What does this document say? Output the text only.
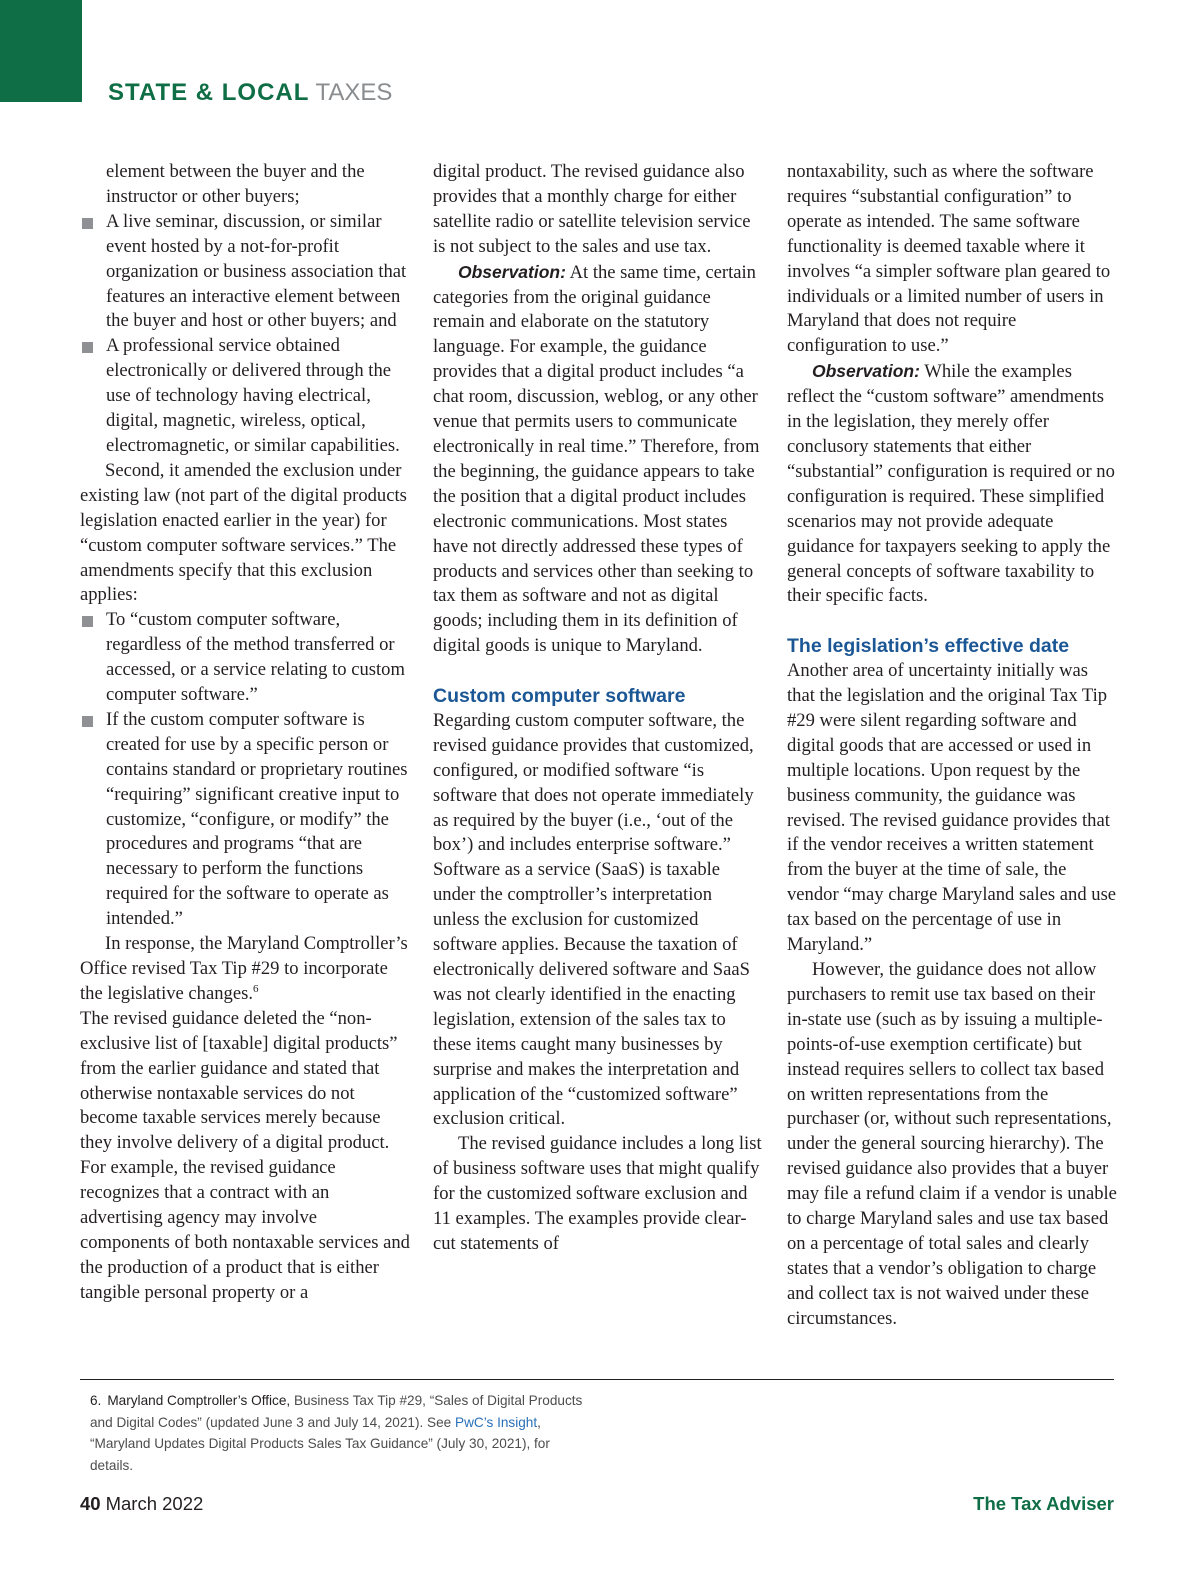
STATE & LOCAL TAXES

element between the buyer and the instructor or other buyers;

A live seminar, discussion, or similar event hosted by a not-for-profit organization or business association that features an interactive element between the buyer and host or other buyers; and

A professional service obtained electronically or delivered through the use of technology having electrical, digital, magnetic, wireless, optical, electromagnetic, or similar capabilities.

Second, it amended the exclusion under existing law (not part of the digital products legislation enacted earlier in the year) for “custom computer software services.” The amendments specify that this exclusion applies:

To “custom computer software, regardless of the method transferred or accessed, or a service relating to custom computer software.”

If the custom computer software is created for use by a specific person or contains standard or proprietary routines “requiring” significant creative input to customize, “configure, or modify” the procedures and programs “that are necessary to perform the functions required for the software to operate as intended.”

In response, the Maryland Comptroller’s Office revised Tax Tip #29 to incorporate the legislative changes.$^6$

The revised guidance deleted the “non-exclusive list of [taxable] digital products” from the earlier guidance and stated that otherwise nontaxable services do not become taxable services merely because they involve delivery of a digital product. For example, the revised guidance recognizes that a contract with an advertising agency may involve components of both nontaxable services and the production of a product that is either tangible personal property or a

digital product. The revised guidance also provides that a monthly charge for either satellite radio or satellite television service is not subject to the sales and use tax.

Observation: At the same time, certain categories from the original guidance remain and elaborate on the statutory language. For example, the guidance provides that a digital product includes “a chat room, discussion, weblog, or any other venue that permits users to communicate electronically in real time.” Therefore, from the beginning, the guidance appears to take the position that a digital product includes electronic communications. Most states have not directly addressed these types of products and services other than seeking to tax them as software and not as digital goods; including them in its definition of digital goods is unique to Maryland.

Custom computer software

Regarding custom computer software, the revised guidance provides that customized, configured, or modified software “is software that does not operate immediately as required by the buyer (i.e., ‘out of the box’) and includes enterprise software.” Software as a service (SaaS) is taxable under the comptroller’s interpretation unless the exclusion for customized software applies. Because the taxation of electronically delivered software and SaaS was not clearly identified in the enacting legislation, extension of the sales tax to these items caught many businesses by surprise and makes the interpretation and application of the “customized software” exclusion critical.

The revised guidance includes a long list of business software uses that might qualify for the customized software exclusion and 11 examples. The examples provide clear-cut statements of

nontaxability, such as where the software requires “substantial configuration” to operate as intended. The same software functionality is deemed taxable where it involves “a simpler software plan geared to individuals or a limited number of users in Maryland that does not require configuration to use.”

Observation: While the examples reflect the “custom software” amendments in the legislation, they merely offer conclusory statements that either “substantial” configuration is required or no configuration is required. These simplified scenarios may not provide adequate guidance for taxpayers seeking to apply the general concepts of software taxability to their specific facts.

The legislation’s effective date

Another area of uncertainty initially was that the legislation and the original Tax Tip #29 were silent regarding software and digital goods that are accessed or used in multiple locations. Upon request by the business community, the guidance was revised. The revised guidance provides that if the vendor receives a written statement from the buyer at the time of sale, the vendor “may charge Maryland sales and use tax based on the percentage of use in Maryland.”

However, the guidance does not allow purchasers to remit use tax based on their in-state use (such as by issuing a multiple-points-of-use exemption certificate) but instead requires sellers to collect tax based on written representations from the purchaser (or, without such representations, under the general sourcing hierarchy). The revised guidance also provides that a buyer may file a refund claim if a vendor is unable to charge Maryland sales and use tax based on a percentage of total sales and clearly states that a vendor’s obligation to charge and collect tax is not waived under these circumstances.

6. Maryland Comptroller’s Office, Business Tax Tip #29, “Sales of Digital Products and Digital Codes” (updated June 3 and July 14, 2021). See PwC’s Insight, “Maryland Updates Digital Products Sales Tax Guidance” (July 30, 2021), for details.
40 March 2022	The Tax Adviser
